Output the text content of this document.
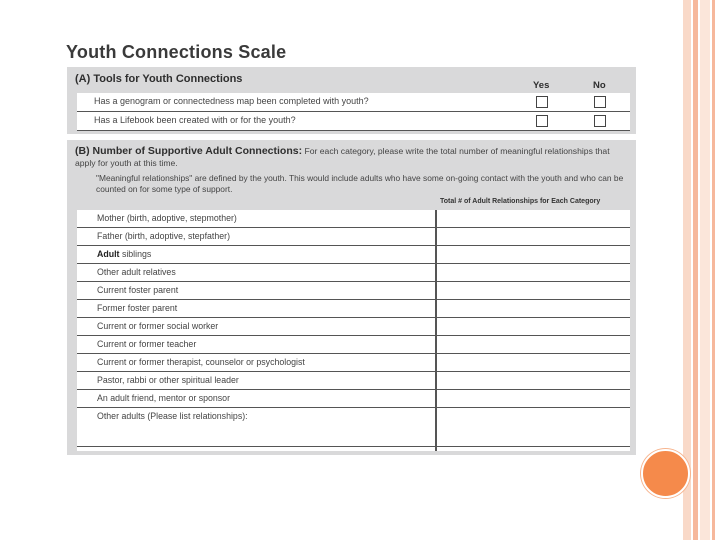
Youth Connections Scale
(A) Tools for Youth Connections
Yes	No
Has a genogram or connectedness map been completed with youth?
Has a Lifebook been created with or for the youth?
(B) Number of Supportive Adult Connections: For each category, please write the total number of meaningful relationships that apply for youth at this time.
"Meaningful relationships" are defined by the youth. This would include adults who have some on-going contact with the youth and who can be counted on for some type of support.
Total # of Adult Relationships for Each Category
Mother (birth, adoptive, stepmother)
Father (birth, adoptive, stepfather)
Adult siblings
Other adult relatives
Current foster parent
Former foster parent
Current or former social worker
Current or former teacher
Current or former therapist, counselor or psychologist
Pastor, rabbi or other spiritual leader
An adult friend, mentor or sponsor
Other adults (Please list relationships):
